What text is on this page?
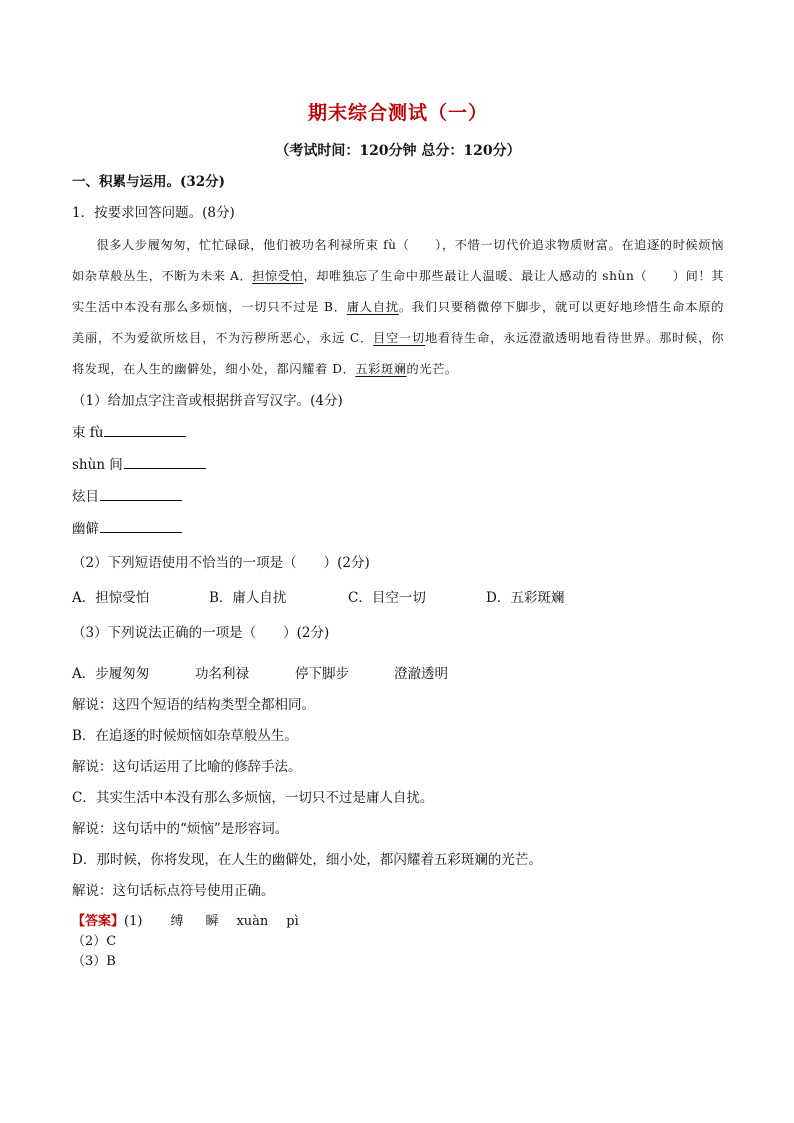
期末综合测试（一）

（考试时间：120分钟 总分：120分）

一、积累与运用。(32分)

1．按要求回答问题。(8分)

很多人步履匆匆，忙忙碌碌，他们被功名利禄所束 fù（　　），不惜一切代价追求物质财富。在追逐的时候烦恼如杂草般丛生，不断为未来 A．担惊受怕，却唯独忘了生命中那些最让人温暖、最让人感动的 shùn（　　）间！其实生活中本没有那么多烦恼，一切只不过是 B．庸人自扰。我们只要稍微停下脚步，就可以更好地珍惜生命本原的美丽，不为爱欲所炫目，不为污秽所恶心，永远 C．目空一切地看待生命，永远澄澈透明地看待世界。那时候，你将发现，在人生的幽僻处，细小处，都闪耀着 D．五彩斑斓的光芒。

（1）给加点字注音或根据拼音写汉字。(4分)

束 fù

shùn 间

炫目

幽僻

（2）下列短语使用不恰当的一项是（　　）(2分)

A．担惊受怕	B．庸人自扰	C．目空一切	D．五彩斑斓

（3）下列说法正确的一项是（　　）(2分)

A．步履匆匆	功名利禄	停下脚步	澄澈透明

解说：这四个短语的结构类型全都相同。

B．在追逐的时候烦恼如杂草般丛生。

解说：这句话运用了比喻的修辞手法。

C．其实生活中本没有那么多烦恼，一切只不过是庸人自扰。

解说：这句话中的“烦恼”是形容词。

D．那时候，你将发现，在人生的幽僻处，细小处，都闪耀着五彩斑斓的光芒。

解说：这句话标点符号使用正确。

【答案】(1) 缚 瞬 xuàn pì

（2）C

（3）B
